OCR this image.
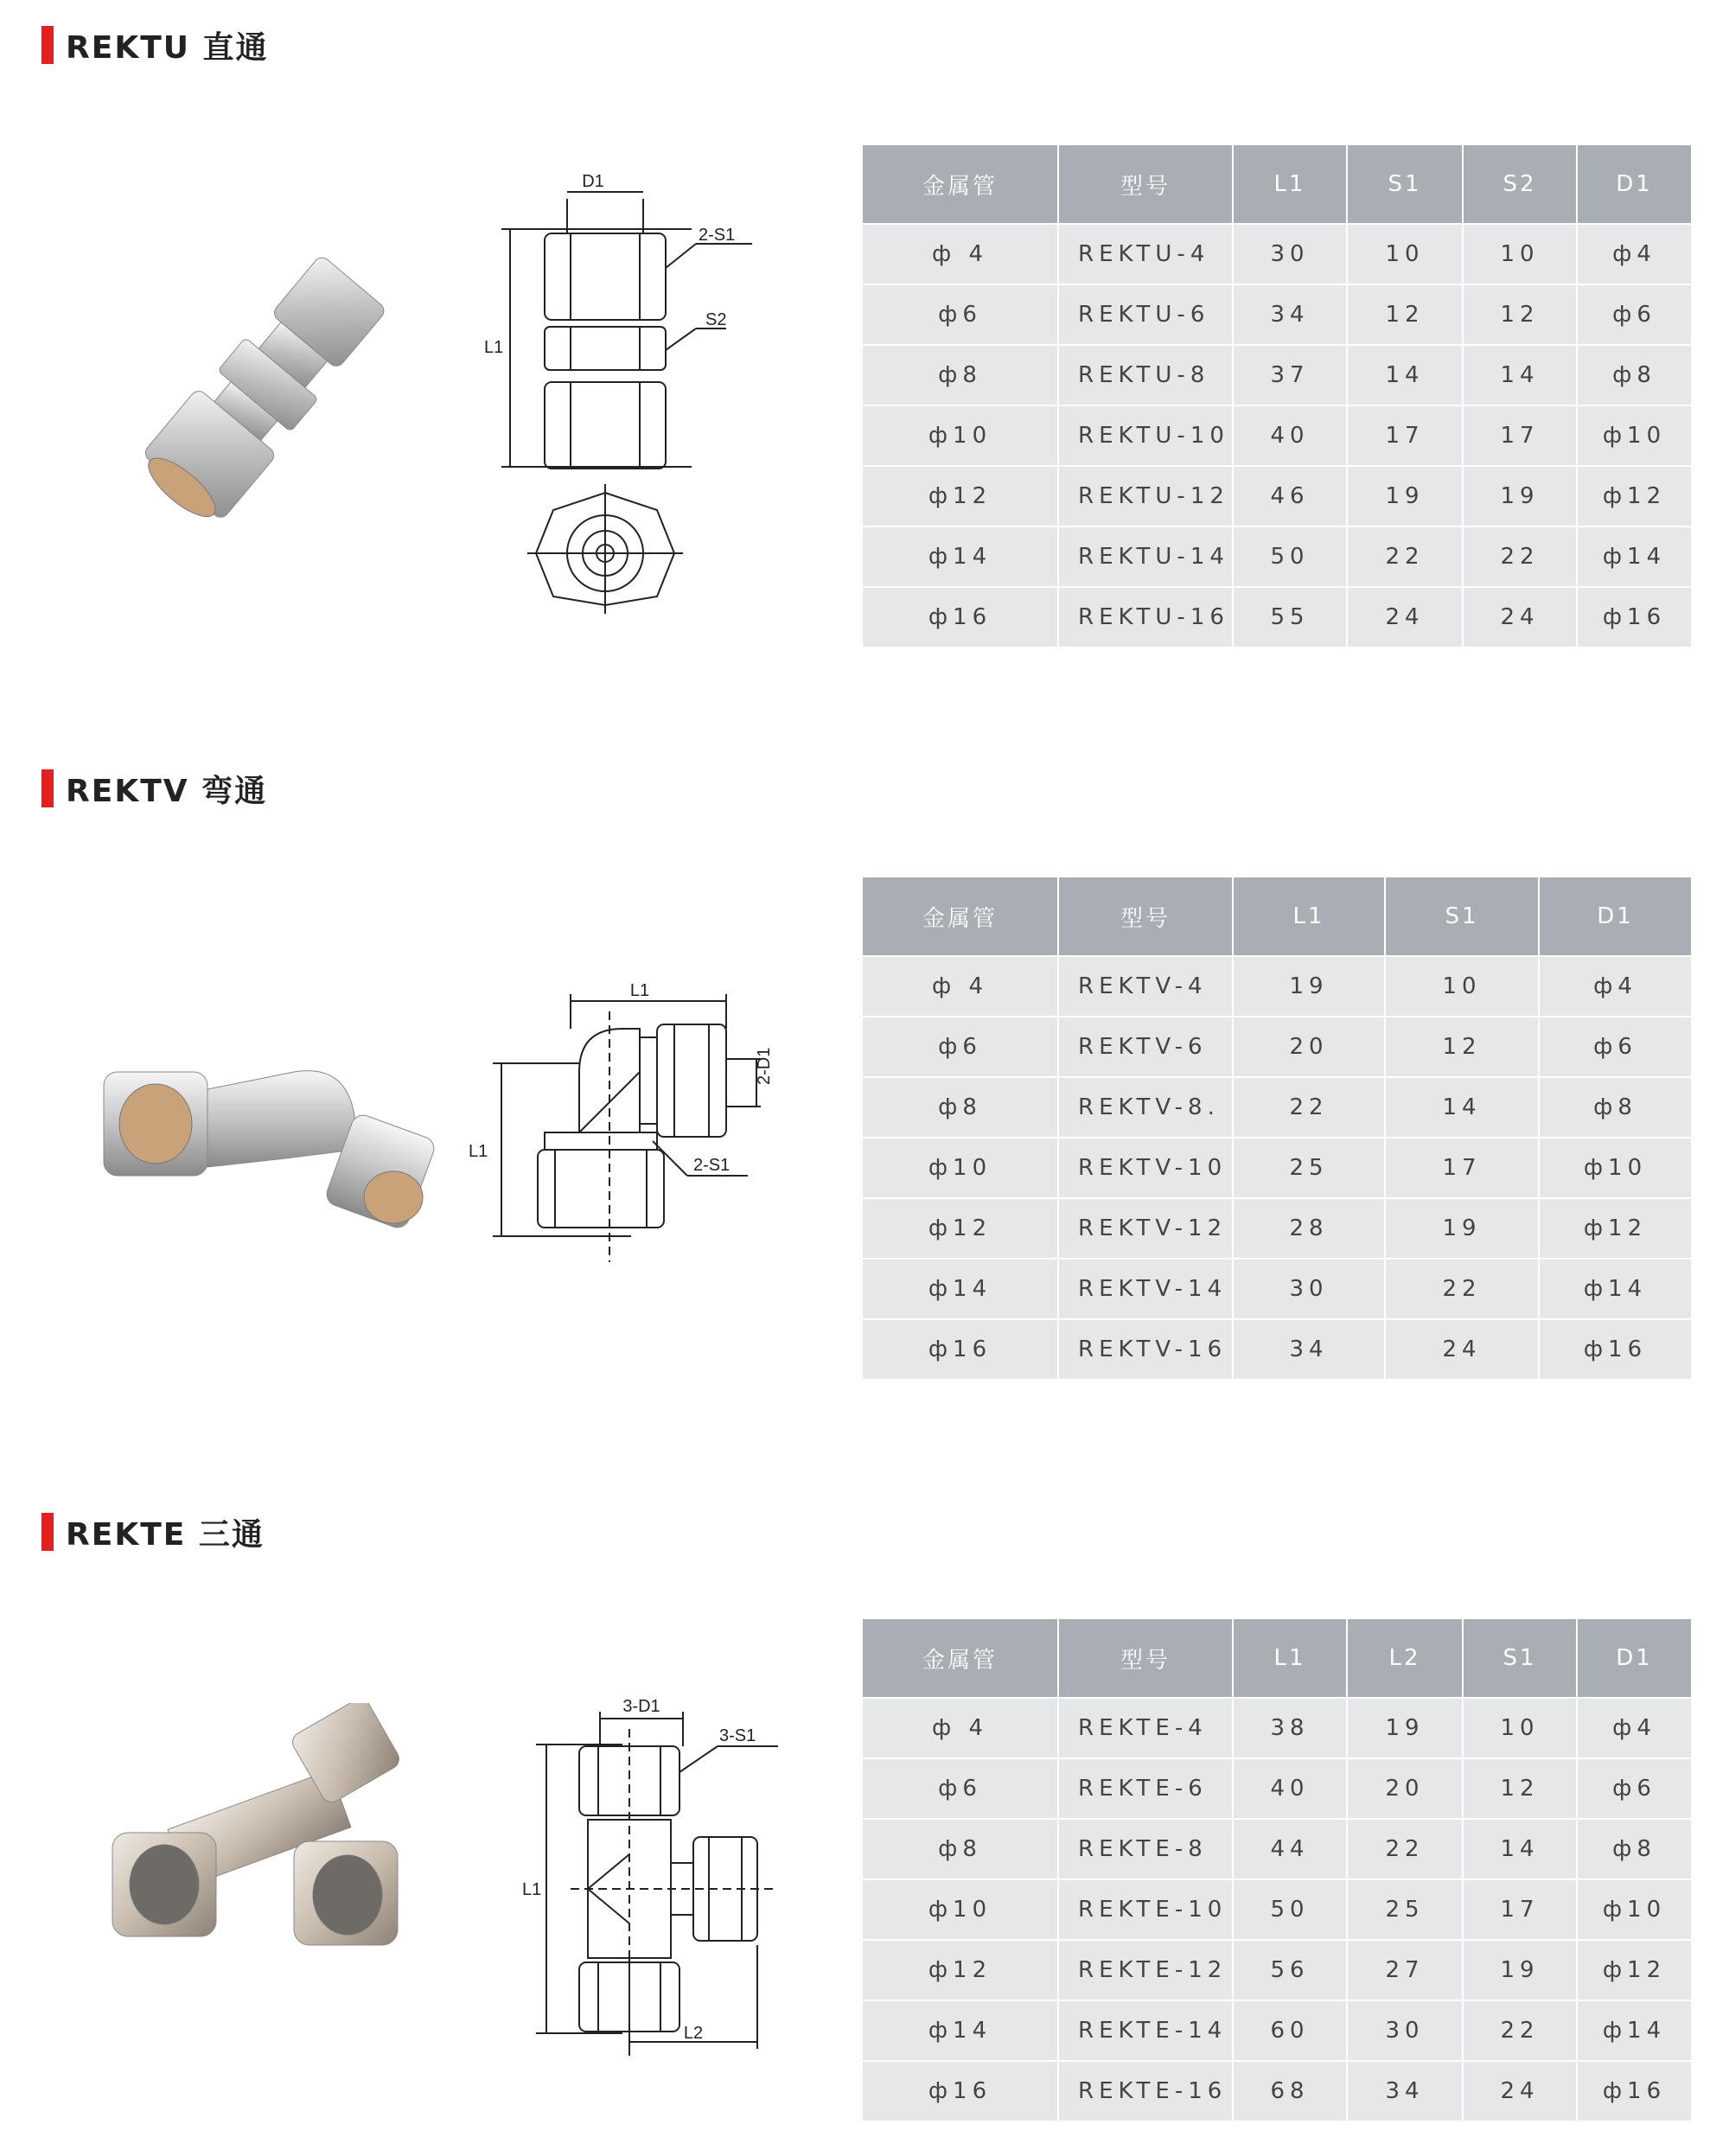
REKTU 直通
D1
2-S1
S2
L1
金属管	型号	L1	S1	S2	D1
ф 4	REKTU-4	30	10	10	ф4
ф6	REKTU-6	34	12	12	ф6
ф8	REKTU-8	37	14	14	ф8
ф10	REKTU-10	40	17	17	ф10
ф12	REKTU-12	46	19	19	ф12
ф14	REKTU-14	50	22	22	ф14
ф16	REKTU-16	55	24	24	ф16
REKTV 弯通
L1
2-D1
2-S1
L1
金属管	型号	L1	S1	D1
ф 4	REKTV-4	19	10	ф4
ф6	REKTV-6	20	12	ф6
ф8	REKTV-8.	22	14	ф8
ф10	REKTV-10	25	17	ф10
ф12	REKTV-12	28	19	ф12
ф14	REKTV-14	30	22	ф14
ф16	REKTV-16	34	24	ф16
REKTE 三通
3-D1
3-S1
L1
L2
金属管	型号	L1	L2	S1	D1
ф 4	REKTE-4	38	19	10	ф4
ф6	REKTE-6	40	20	12	ф6
ф8	REKTE-8	44	22	14	ф8
ф10	REKTE-10	50	25	17	ф10
ф12	REKTE-12	56	27	19	ф12
ф14	REKTE-14	60	30	22	ф14
ф16	REKTE-16	68	34	24	ф16
